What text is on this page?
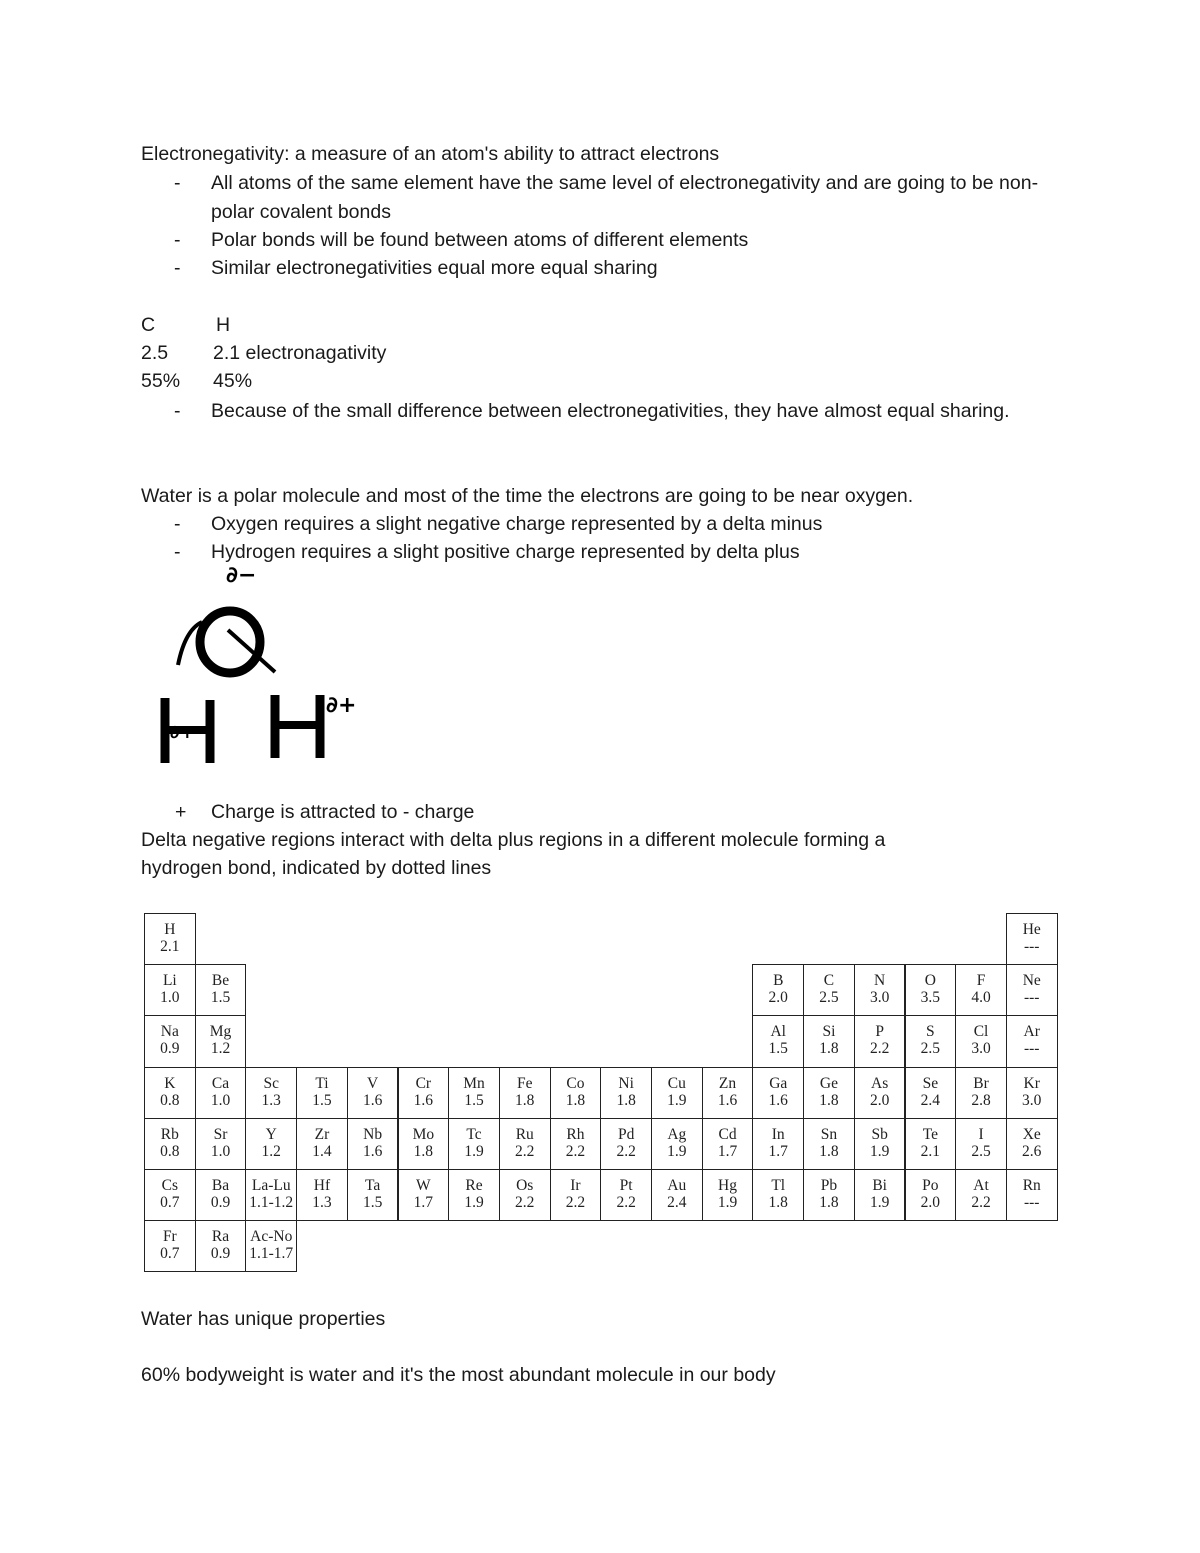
Electronegativity: a measure of an atom's ability to attract electrons
- All atoms of the same element have the same level of electronegativity and are going to be non-polar covalent bonds
- Polar bonds will be found between atoms of different elements
- Similar electronegativities equal more equal sharing
C	H
2.5 2.1 electronagativity
55% 45%
- Because of the small difference between electronegativities, they have almost equal sharing.
Water is a polar molecule and most of the time the electrons are going to be near oxygen.
- Oxygen requires a slight negative charge represented by a delta minus
- Hydrogen requires a slight positive charge represented by delta plus
∂−
∂+
∂+
+ Charge is attracted to - charge
Delta negative regions interact with delta plus regions in a different molecule forming a
hydrogen bond, indicated by dotted lines
H
2.1
He
---
Li
1.0
Be
1.5
B
2.0
C
2.5
N
3.0
O
3.5
F
4.0
Ne
---
Na
0.9
Mg
1.2
Al
1.5
Si
1.8
P
2.2
S
2.5
Cl
3.0
Ar
---
K
0.8
Ca
1.0
Sc
1.3
Ti
1.5
V
1.6
Cr
1.6
Mn
1.5
Fe
1.8
Co
1.8
Ni
1.8
Cu
1.9
Zn
1.6
Ga
1.6
Ge
1.8
As
2.0
Se
2.4
Br
2.8
Kr
3.0
Rb
0.8
Sr
1.0
Y
1.2
Zr
1.4
Nb
1.6
Mo
1.8
Tc
1.9
Ru
2.2
Rh
2.2
Pd
2.2
Ag
1.9
Cd
1.7
In
1.7
Sn
1.8
Sb
1.9
Te
2.1
I
2.5
Xe
2.6
Cs
0.7
Ba
0.9
La-Lu
1.1-1.2
Hf
1.3
Ta
1.5
W
1.7
Re
1.9
Os
2.2
Ir
2.2
Pt
2.2
Au
2.4
Hg
1.9
Tl
1.8
Pb
1.8
Bi
1.9
Po
2.0
At
2.2
Rn
---
Fr
0.7
Ra
0.9
Ac-No
1.1-1.7
Water has unique properties
60% bodyweight is water and it's the most abundant molecule in our body
